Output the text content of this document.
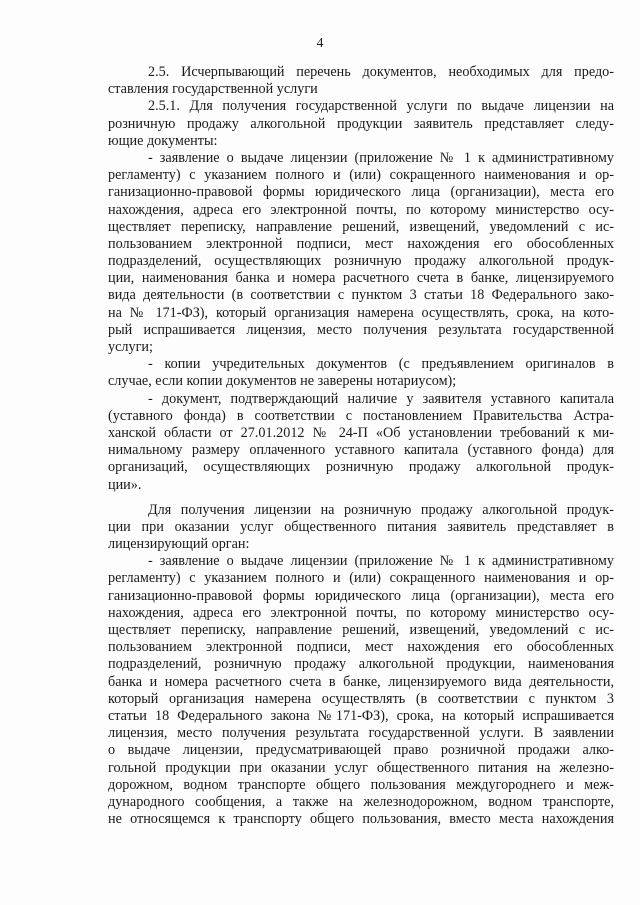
4
2.5. Исчерпывающий перечень документов, необходимых для предо-
ставления государственной услуги
2.5.1. Для получения государственной услуги по выдаче лицензии на
розничную продажу алкогольной продукции заявитель представляет следу-
ющие документы:
- заявление о выдаче лицензии (приложение № 1 к административному
регламенту) с указанием полного и (или) сокращенного наименования и ор-
ганизационно-правовой формы юридического лица (организации), места его
нахождения, адреса его электронной почты, по которому министерство осу-
ществляет переписку, направление решений, извещений, уведомлений с ис-
пользованием электронной подписи, мест нахождения его обособленных
подразделений, осуществляющих розничную продажу алкогольной продук-
ции, наименования банка и номера расчетного счета в банке, лицензируемого
вида деятельности (в соответствии с пунктом 3 статьи 18 Федерального зако-
на № 171-ФЗ), который организация намерена осуществлять, срока, на кото-
рый испрашивается лицензия, место получения результата государственной
услуги;
- копии учредительных документов (с предъявлением оригиналов в
случае, если копии документов не заверены нотариусом);
- документ, подтверждающий наличие у заявителя уставного капитала
(уставного фонда) в соответствии с постановлением Правительства Астра-
ханской области от 27.01.2012 № 24-П «Об установлении требований к ми-
нимальному размеру оплаченного уставного капитала (уставного фонда) для
организаций, осуществляющих розничную продажу алкогольной продук-
ции».
Для получения лицензии на розничную продажу алкогольной продук-
ции при оказании услуг общественного питания заявитель представляет в
лицензирующий орган:
- заявление о выдаче лицензии (приложение № 1 к административному
регламенту) с указанием полного и (или) сокращенного наименования и ор-
ганизационно-правовой формы юридического лица (организации), места его
нахождения, адреса его электронной почты, по которому министерство осу-
ществляет переписку, направление решений, извещений, уведомлений с ис-
пользованием электронной подписи, мест нахождения его обособленных
подразделений, розничную продажу алкогольной продукции, наименования
банка и номера расчетного счета в банке, лицензируемого вида деятельности,
который организация намерена осуществлять (в соответствии с пунктом 3
статьи 18 Федерального закона №171-ФЗ), срока, на который испрашивается
лицензия, место получения результата государственной услуги. В заявлении
о выдаче лицензии, предусматривающей право розничной продажи алко-
гольной продукции при оказании услуг общественного питания на железно-
дорожном, водном транспорте общего пользования междугороднего и меж-
дународного сообщения, а также на железнодорожном, водном транспорте,
не относящемся к транспорту общего пользования, вместо места нахождения
